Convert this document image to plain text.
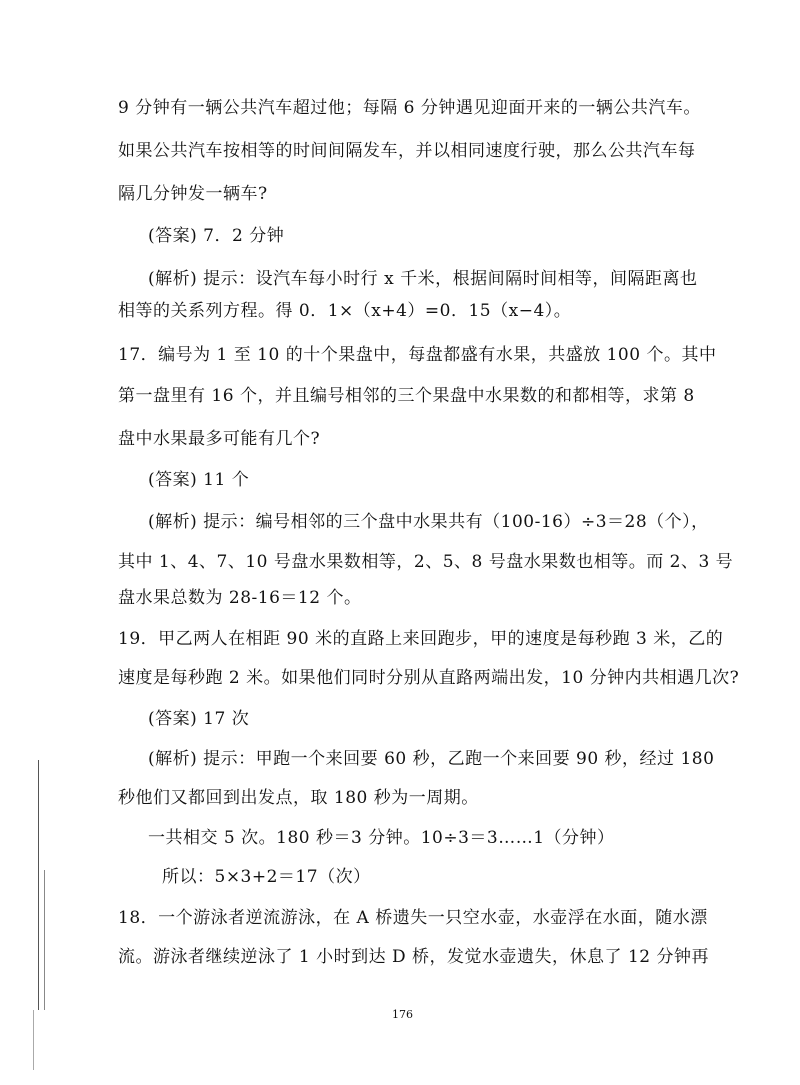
9 分钟有一辆公共汽车超过他；每隔 6 分钟遇见迎面开来的一辆公共汽车。
如果公共汽车按相等的时间间隔发车，并以相同速度行驶，那么公共汽车每
隔几分钟发一辆车?
(答案) 7．2 分钟
(解析) 提示：设汽车每小时行 x 千米，根据间隔时间相等，间隔距离也
相等的关系列方程。得 0．1×（x+4）=0．15（x−4）。
17．编号为 1 至 10 的十个果盘中，每盘都盛有水果，共盛放 100 个。其中
第一盘里有 16 个，并且编号相邻的三个果盘中水果数的和都相等，求第 8
盘中水果最多可能有几个?
(答案) 11 个
(解析) 提示：编号相邻的三个盘中水果共有（100-16）÷3＝28（个），
其中 1、4、7、10 号盘水果数相等，2、5、8 号盘水果数也相等。而 2、3 号
盘水果总数为 28-16＝12 个。
19．甲乙两人在相距 90 米的直路上来回跑步，甲的速度是每秒跑 3 米，乙的
速度是每秒跑 2 米。如果他们同时分别从直路两端出发，10 分钟内共相遇几次?
(答案) 17 次
(解析) 提示：甲跑一个来回要 60 秒，乙跑一个来回要 90 秒，经过 180
秒他们又都回到出发点，取 180 秒为一周期。
一共相交 5 次。180 秒＝3 分钟。10÷3＝3……1（分钟）
所以：5×3+2＝17（次）
18．一个游泳者逆流游泳，在 A 桥遗失一只空水壶，水壶浮在水面，随水漂
流。游泳者继续逆泳了 1 小时到达 D 桥，发觉水壶遗失，休息了 12 分钟再
176
